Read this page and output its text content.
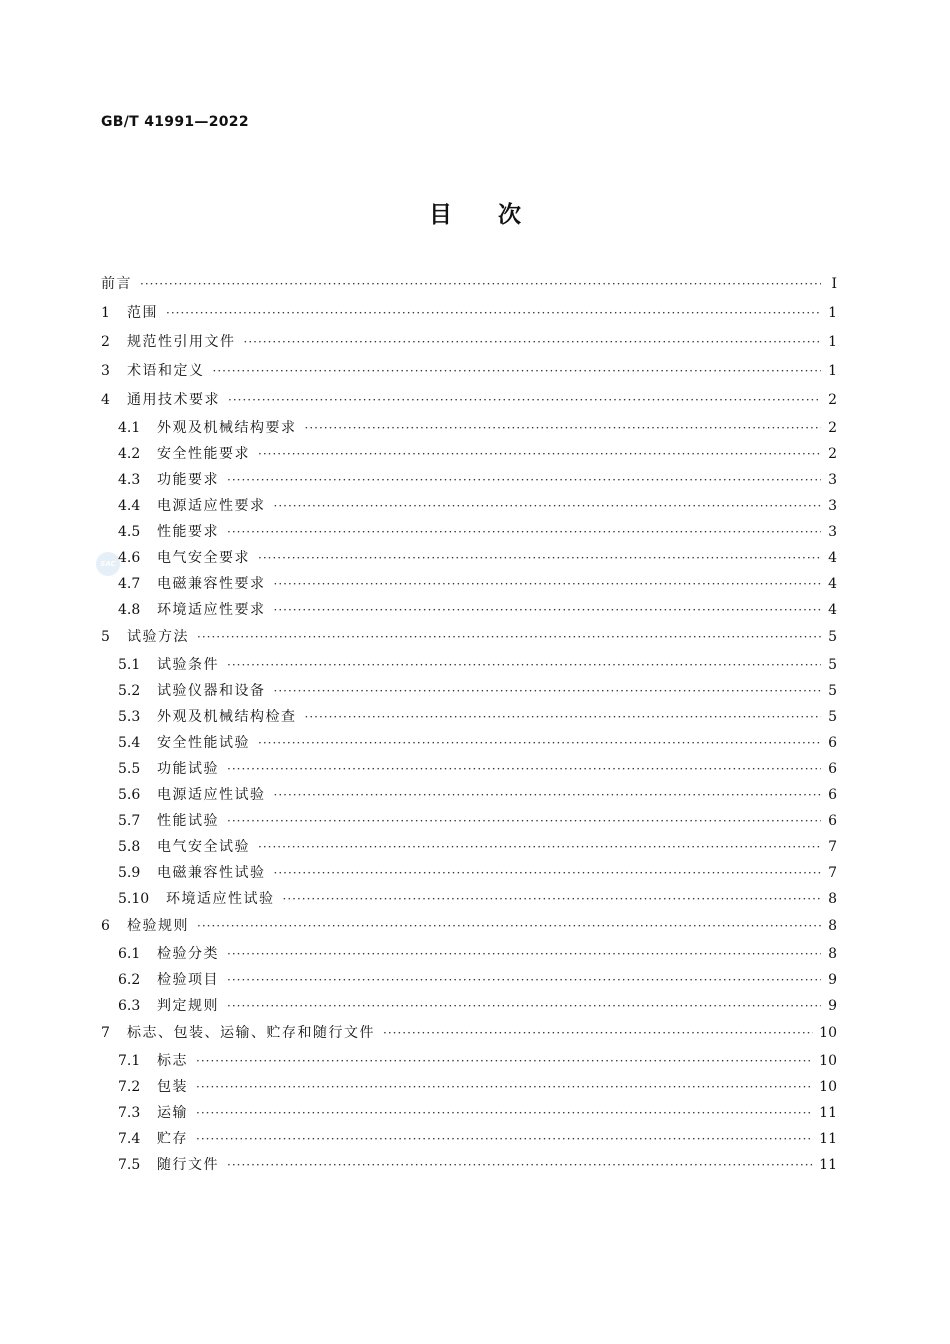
GB/T 41991—2022
目次
SAC
前言 ·····	Ⅰ
1	范围 ·····	1
2	规范性引用文件 ·····	1
3	术语和定义 ·····	1
4	通用技术要求 ·····	2
4.1	外观及机械结构要求 ·····	2
4.2	安全性能要求 ·····	2
4.3	功能要求 ·····	3
4.4	电源适应性要求 ·····	3
4.5	性能要求 ·····	3
4.6	电气安全要求 ·····	4
4.7	电磁兼容性要求 ·····	4
4.8	环境适应性要求 ·····	4
5	试验方法 ·····	5
5.1	试验条件 ·····	5
5.2	试验仪器和设备 ·····	5
5.3	外观及机械结构检查 ·····	5
5.4	安全性能试验 ·····	6
5.5	功能试验 ·····	6
5.6	电源适应性试验 ·····	6
5.7	性能试验 ·····	6
5.8	电气安全试验 ·····	7
5.9	电磁兼容性试验 ·····	7
5.10	环境适应性试验 ·····	8
6	检验规则 ·····	8
6.1	检验分类 ·····	8
6.2	检验项目 ·····	9
6.3	判定规则 ·····	9
7	标志、包装、运输、贮存和随行文件 ·····	10
7.1	标志 ·····	10
7.2	包装 ·····	10
7.3	运输 ·····	11
7.4	贮存 ·····	11
7.5	随行文件 ·····	11
